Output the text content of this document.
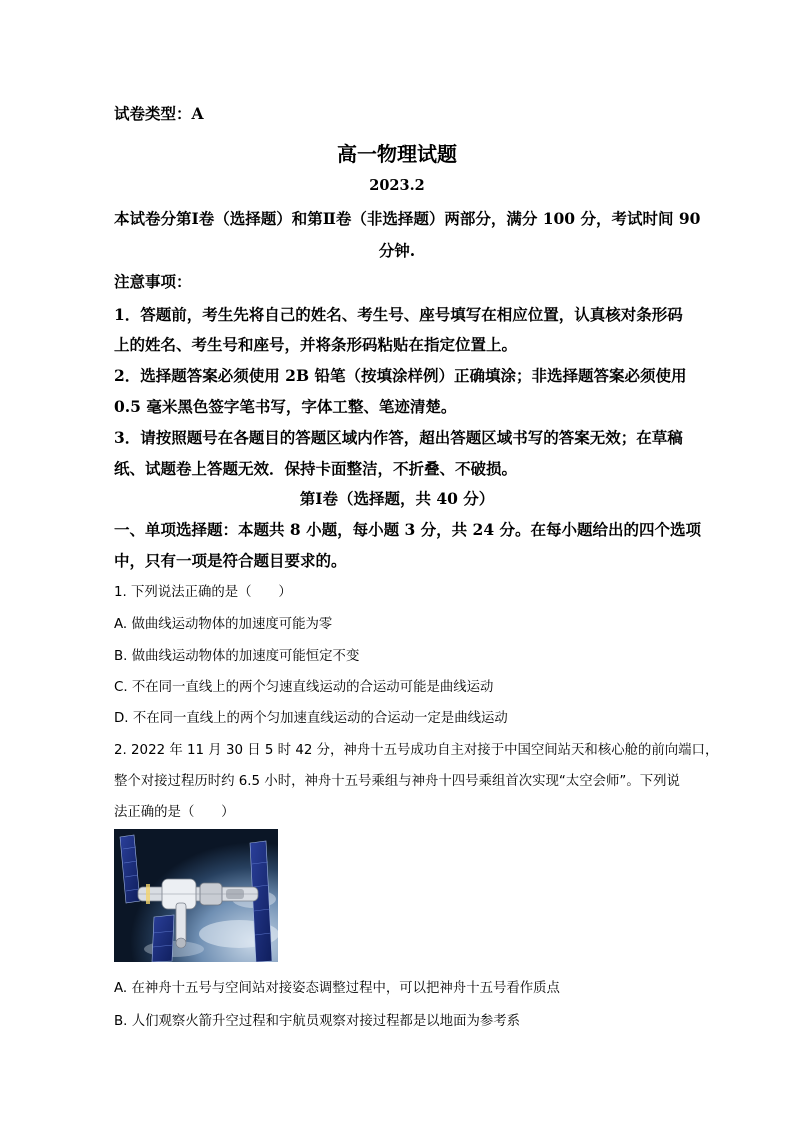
试卷类型：A
高一物理试题
2023.2
本试卷分第Ⅰ卷（选择题）和第Ⅱ卷（非选择题）两部分，满分 100 分，考试时间 90
分钟.
注意事项：
1．答题前，考生先将自己的姓名、考生号、座号填写在相应位置，认真核对条形码
上的姓名、考生号和座号，并将条形码粘贴在指定位置上。
2．选择题答案必须使用 2B 铅笔（按填涂样例）正确填涂；非选择题答案必须使用
0.5 毫米黑色签字笔书写，字体工整、笔迹清楚。
3．请按照题号在各题目的答题区域内作答，超出答题区域书写的答案无效；在草稿
纸、试题卷上答题无效．保持卡面整洁，不折叠、不破损。
第Ⅰ卷（选择题，共 40 分）
一、单项选择题：本题共 8 小题，每小题 3 分，共 24 分。在每小题给出的四个选项
中，只有一项是符合题目要求的。
1. 下列说法正确的是（　　）
A. 做曲线运动物体的加速度可能为零
B. 做曲线运动物体的加速度可能恒定不变
C. 不在同一直线上的两个匀速直线运动的合运动可能是曲线运动
D. 不在同一直线上的两个匀加速直线运动的合运动一定是曲线运动
2. 2022 年 11 月 30 日 5 时 42 分，神舟十五号成功自主对接于中国空间站天和核心舱的前向端口，
整个对接过程历时约 6.5 小时，神舟十五号乘组与神舟十四号乘组首次实现“太空会师”。下列说
法正确的是（　　）
A. 在神舟十五号与空间站对接姿态调整过程中，可以把神舟十五号看作质点
B. 人们观察火箭升空过程和宇航员观察对接过程都是以地面为参考系
